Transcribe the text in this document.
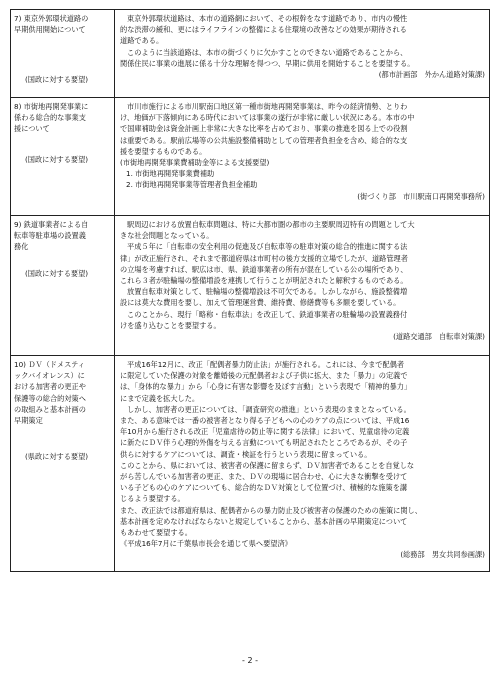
7) 東京外郭環状道路の
早期供用開始について
(国政に対する要望)

東京外郭環状道路は、本市の道路網において、その根幹をなす道路であり、市内の慢性

的な渋滞の緩和、更にはライフラインの整備による住環境の改善などの効果が期待される

道路である。

このように当該道路は、本市の街づくりに欠かすことのできない道路であることから、

関係住民に事業の進展に係る十分な理解を得つつ、早期に供用を開始することを要望する。

(都市計画部　外かん道路対策課)

8) 市街地再開発事業に
係わる総合的な事業支
援について
(国政に対する要望)

市川市施行による市川駅南口地区第一種市街地再開発事業は、昨今の経済情勢、とりわ

け、地価が下落傾向にある時代においては事業の遂行が非常に厳しい状況にある。本市の中

で国庫補助金は資金計画上非常に大きな比率を占めており、事業の推進を図る上での役割

は重要である。駅前広場等の公共施設整備補助としての管理者負担金を含め、総合的な支

援を要望するものである。

(市街地再開発事業費補助金等による支援要望)

1. 市街地再開発事業費補助

2. 市街地再開発事業等管理者負担金補助

(街づくり部　市川駅南口再開発事務所)

9) 鉄道事業者による自
転車等駐車場の設置義
務化
(国政に対する要望)

駅周辺における放置自転車問題は、特に大都市圏の都市の主要駅周辺特有の問題として大

きな社会問題となっている。

平成５年に「自転車の安全利用の促進及び自転車等の駐車対策の総合的推進に関する法

律」が改正施行され、それまで都道府県は市町村の後方支援的立場でしたが、道路管理者

の立場を考慮すれば、駅広は市、県、鉄道事業者の所有が混在している公の場所であり、

これら３者が駐輪場の整備増設を連携して行うことが明記されたと解釈するものである。

放置自転車対策として、駐輪場の整備増設は不可欠である。しかしながら、施設整備増

設には莫大な費用を要し、加えて管理運営費、維持費、修繕費等も多額を要している。

このことから、現行「略称・自転車法」を改正して、鉄道事業者の駐輪場の設置義務付

けを盛り込むことを要望する。

(道路交通部　自転車対策課)

10) ＤＶ（ドメスティ
ックバイオレンス）に
おける加害者の更正や
保護等の総合的対策へ
の取組みと基本計画の
早期策定
(県政に対する要望)

平成16年12月に、改正「配偶者暴力防止法」が施行される。これには、今まで配偶者

に限定していた保護の対象を離婚後の元配偶者および子供に拡大、また「暴力」の定義で

は、「身体的な暴力」から「心身に有害な影響を及ぼす言動」という表現で「精神的暴力」

にまで定義を拡大した。

しかし、加害者の更正については、「調査研究の推進」という表現のままとなっている。

また、ある意味では一番の被害者となり得る子どもへの心のケアの点については、平成16

年10月から施行される改正「児童虐待の防止等に関する法律」において、児童虐待の定義

に新たにＤＶ伴う心理的外傷を与える言動についても明記されたところであるが、その子

供らに対するケアについては、調査・検証を行うという表現に留まっている。

このことから、県においては、被害者の保護に留まらず、ＤＶ加害者であることを自覚しな

がら苦しんでいる加害者の更正、また、ＤＶの現場に居合わせ、心に大きな衝撃を受けて

いる子どもの心のケアについても、総合的なＤＶ対策として位置づけ、積極的な施策を講

じるよう要望する。

また、改正法では都道府県は、配偶者からの暴力防止及び被害者の保護のための施策に関し、

基本計画を定めなければならないと規定していることから、基本計画の早期策定について

もあわせて要望する。

《平成16年7月に千葉県市長会を通じて県へ要望済》

(総務部　男女共同参画課)

- 2 -
